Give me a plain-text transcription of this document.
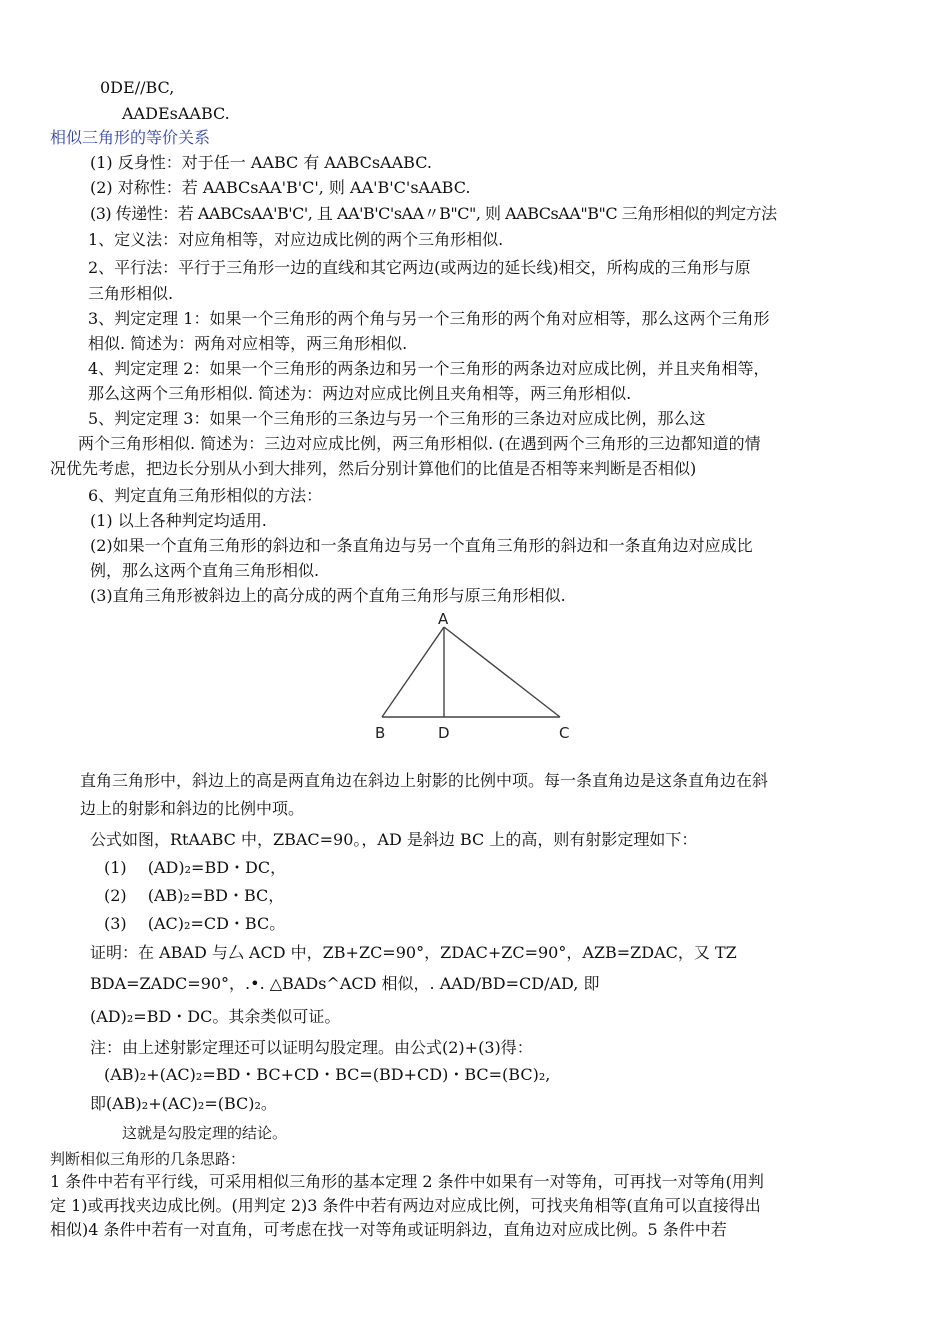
0DE//BC,
AADEsAABC.
相似三角形的等价关系
(1) 反身性：对于任一 AABC 有 AABCsAABC.
(2) 对称性：若 AABCsAA'B'C', 则 AA'B'C'sAABC.
(3) 传递性：若 AABCsAA'B'C', 且 AA'B'C'sAA〃B"C", 则 AABCsAA"B"C 三角形相似的判定方法
1、定义法：对应角相等，对应边成比例的两个三角形相似.
2、平行法：平行于三角形一边的直线和其它两边(或两边的延长线)相交，所构成的三角形与原
三角形相似.
3、判定定理 1：如果一个三角形的两个角与另一个三角形的两个角对应相等，那么这两个三角形
相似. 简述为：两角对应相等，两三角形相似.
4、判定定理 2：如果一个三角形的两条边和另一个三角形的两条边对应成比例，并且夹角相等，
那么这两个三角形相似. 简述为：两边对应成比例且夹角相等，两三角形相似.
5、判定定理 3：如果一个三角形的三条边与另一个三角形的三条边对应成比例，那么这
两个三角形相似. 简述为：三边对应成比例，两三角形相似. (在遇到两个三角形的三边都知道的情
况优先考虑，把边长分别从小到大排列，然后分别计算他们的比值是否相等来判断是否相似)
6、判定直角三角形相似的方法：
(1) 以上各种判定均适用.
(2)如果一个直角三角形的斜边和一条直角边与另一个直角三角形的斜边和一条直角边对应成比
例，那么这两个直角三角形相似.
(3)直角三角形被斜边上的高分成的两个直角三角形与原三角形相似.
A
B	D	C
直角三角形中，斜边上的高是两直角边在斜边上射影的比例中项。每一条直角边是这条直角边在斜
边上的射影和斜边的比例中项。
公式如图，RtAABC 中，ZBAC=90。，AD 是斜边 BC 上的高，则有射影定理如下：
(1)　 (AD)₂=BD・DC，
(2)　 (AB)₂=BD・BC，
(3)　 (AC)₂=CD・BC。
证明：在 ABAD 与厶 ACD 中，ZB+ZC=90°，ZDAC+ZC=90°，AZB=ZDAC，又 TZ
BDA=ZADC=90°，.•. △BADs^ACD 相似，. AAD/BD=CD/AD, 即
(AD)₂=BD・DC。其余类似可证。
注：由上述射影定理还可以证明勾股定理。由公式(2)+(3)得：
(AB)₂+(AC)₂=BD・BC+CD・BC=(BD+CD)・BC=(BC)₂,
即(AB)₂+(AC)₂=(BC)₂。
这就是勾股定理的结论。
判断相似三角形的几条思路：
1 条件中若有平行线，可采用相似三角形的基本定理 2 条件中如果有一对等角，可再找一对等角(用判
定 1)或再找夹边成比例。(用判定 2)3 条件中若有两边对应成比例，可找夹角相等(直角可以直接得出
相似)4 条件中若有一对直角，可考虑在找一对等角或证明斜边，直角边对应成比例。5 条件中若
